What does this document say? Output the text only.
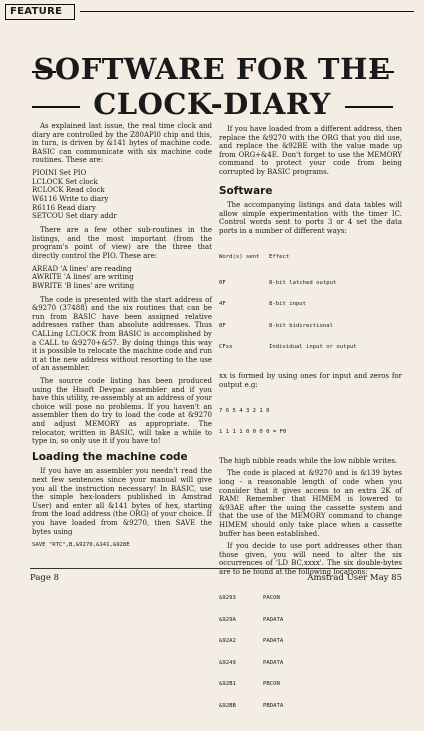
FEATURE
SOFTWARE FOR THE
CLOCK-DIARY

As explained last issue, the real time clock and diary are controlled by the Z80API0 chip and this, in turn, is driven by &141 bytes of machine code. BASIC can communicate with six machine code routines. These are:

PIOINI Set PIO
LCLOCK Set clock
RCLOCK Read clock
W6116 Write to diary
R6116 Read diary
SETCOU Set diary addr

There are a few other sub-routines in the listings, and the most important (from the program's point of view) are the three that directly control the PIO. These are:

AREAD 'A lines' are reading
AWRITE 'A lines' are writing
BWRITE 'B lines' are writing

The code is presented with the start address of &9270 (37488) and the six routines that can be run from BASIC have been assigned relative addresses rather than absolute addresses. Thus CALLing LCLOCK from BASIC is accomplished by a CALL to &9270+&57. By doing things this way it is possible to relocate the machine code and run it at the new address without resorting to the use of an assembler.

The source code listing has been produced using the Hisoft Devpac assembler and if you have this utility, re-assembly at an address of your choice will pose no problems. If you haven't an assembler then do try to load the code at &9270 and adjust MEMORY as appropriate. The relocator, written in BASIC, will take a while to type in, so only use it if you have to!

Loading the machine code

If you have an assembler you needn't read the next few sentences since your manual will give you all the instruction necessary! In BASIC, use the simple hex-loaders published in Amstrad User) and enter all &141 bytes of hex, starting from the load address (the ORG) of your choice. If you have loaded from &9270, then SAVE the bytes using

SAVE "RTC",B,&9270,&141,&928E

If you have loaded from a different address, then replace the &9270 with the ORG that you did use, and replace the &92BE with the value made up from ORG+&4E. Don't forget to use the MEMORY command to protect your code from being corrupted by BASIC programs.

Software

The accompanying listings and data tables will allow simple experimentation with the timer IC. Control words sent to ports 3 or 4 set the data ports in a number of different ways:

Word(s) sent	Effect

0F	8-bit latched output

4F	8-bit input

8F	8-bit bidirectional

CFxx	Individual input or output

xx is formed by using ones for input and zeros for output e.g:

7 6 5 4 3 2 1 0

1 1 1 1 0 0 0 0 = F0

The high nibble reads while the low nibble writes.

The code is placed at &9270 and is &139 bytes long - a reasonable length of code when you consider that it gives access to an extra 2K of RAM! Remember that HIMEM is lowered to &93AE after the using the cassette system and that the use of the MEMORY command to change HIMEM should only take place when a cassette buffer has been established.

If you decide to use port addresses other than those given, you will need to alter the six occurrences of 'LD BC,xxxx'. The six double-bytes are to be found at the following locations:

&9293	PACON

&929A	PADATA

&92A2	PADATA

&9249	PADATA

&92B1	PBCON

&92BB	PBDATA

Page 8	Amstrad User May 85
